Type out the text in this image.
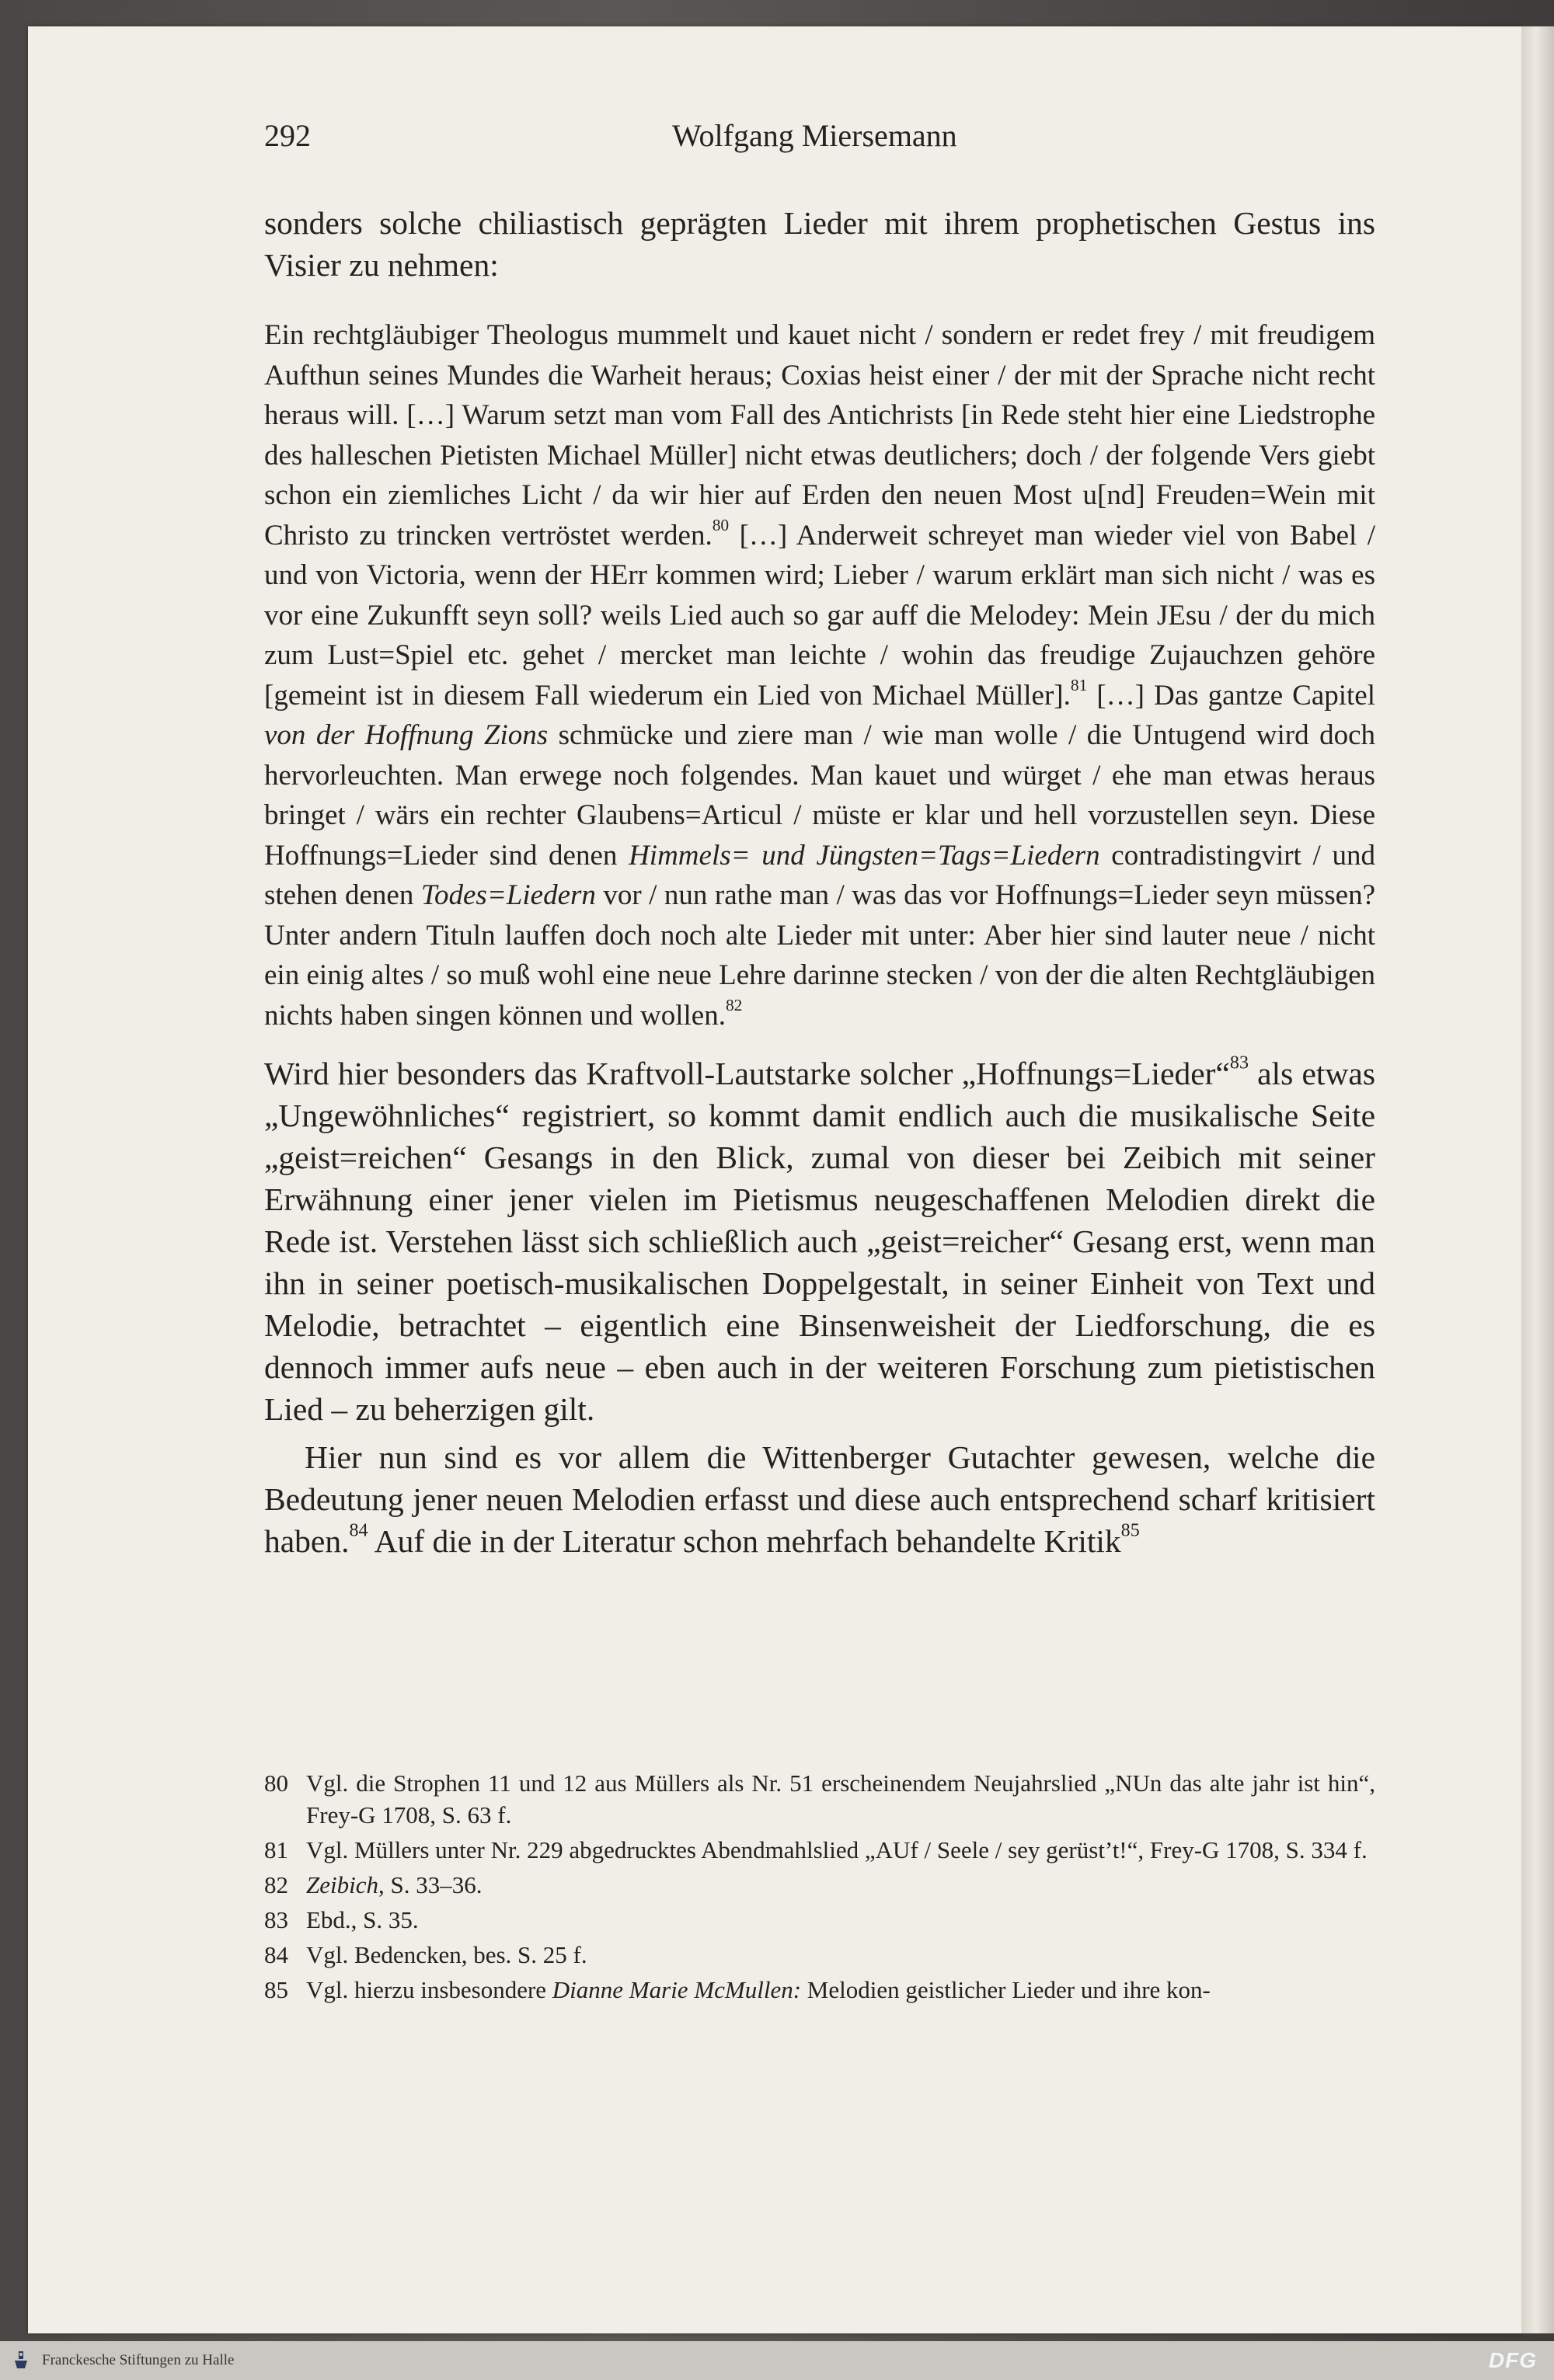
292	Wolfgang Miersemann

sonders solche chiliastisch geprägten Lieder mit ihrem prophetischen Gestus ins Visier zu nehmen:

Ein rechtgläubiger Theologus mummelt und kauet nicht / sondern er redet frey / mit freudigem Aufthun seines Mundes die Warheit heraus; Coxias heist einer / der mit der Sprache nicht recht heraus will. […] Warum setzt man vom Fall des Antichrists [in Rede steht hier eine Liedstrophe des halleschen Pietisten Michael Müller] nicht etwas deutlichers; doch / der folgende Vers giebt schon ein ziemliches Licht / da wir hier auf Erden den neuen Most u[nd] Freuden=Wein mit Christo zu trincken vertröstet werden.$^{80}$ […] Anderweit schreyet man wieder viel von Babel / und von Victoria, wenn der HErr kommen wird; Lieber / warum erklärt man sich nicht / was es vor eine Zukunfft seyn soll? weils Lied auch so gar auff die Melodey: Mein JEsu / der du mich zum Lust=Spiel etc. gehet / mercket man leichte / wohin das freudige Zujauchzen gehöre [gemeint ist in diesem Fall wiederum ein Lied von Michael Müller].$^{81}$ […] Das gantze Capitel von der Hoffnung Zions schmücke und ziere man / wie man wolle / die Untugend wird doch hervorleuchten. Man erwege noch folgendes. Man kauet und würget / ehe man etwas heraus bringet / wärs ein rechter Glaubens=Articul / müste er klar und hell vorzustellen seyn. Diese Hoffnungs=Lieder sind denen Himmels= und Jüngsten=Tags=Liedern contradistingvirt / und stehen denen Todes=Liedern vor / nun rathe man / was das vor Hoffnungs=Lieder seyn müssen? Unter andern Tituln lauffen doch noch alte Lieder mit unter: Aber hier sind lauter neue / nicht ein einig altes / so muß wohl eine neue Lehre darinne stecken / von der die alten Rechtgläubigen nichts haben singen können und wollen.$^{82}$

Wird hier besonders das Kraftvoll-Lautstarke solcher „Hoffnungs=Lieder“$^{83}$ als etwas „Ungewöhnliches“ registriert, so kommt damit endlich auch die musikalische Seite „geist=reichen“ Gesangs in den Blick, zumal von dieser bei Zeibich mit seiner Erwähnung einer jener vielen im Pietismus neugeschaffenen Melodien direkt die Rede ist. Verstehen lässt sich schließlich auch „geist=reicher“ Gesang erst, wenn man ihn in seiner poetisch-musikalischen Doppelgestalt, in seiner Einheit von Text und Melodie, betrachtet – eigentlich eine Binsenweisheit der Liedforschung, die es dennoch immer aufs neue – eben auch in der weiteren Forschung zum pietistischen Lied – zu beherzigen gilt.

Hier nun sind es vor allem die Wittenberger Gutachter gewesen, welche die Bedeutung jener neuen Melodien erfasst und diese auch entsprechend scharf kritisiert haben.$^{84}$ Auf die in der Literatur schon mehrfach behandelte Kritik$^{85}$

80 Vgl. die Strophen 11 und 12 aus Müllers als Nr. 51 erscheinendem Neujahrslied „NUn das alte jahr ist hin“, Frey-G 1708, S. 63 f.
81 Vgl. Müllers unter Nr. 229 abgedrucktes Abendmahlslied „AUf / Seele / sey gerüst’t!“, Frey-G 1708, S. 334 f.
82 Zeibich, S. 33–36.
83 Ebd., S. 35.
84 Vgl. Bedencken, bes. S. 25 f.
85 Vgl. hierzu insbesondere Dianne Marie McMullen: Melodien geistlicher Lieder und ihre kon-
Franckesche Stiftungen zu Halle	DFG
